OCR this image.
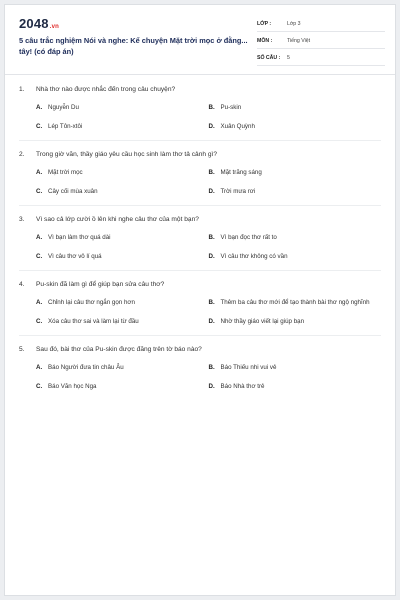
2048.vn
5 câu trắc nghiệm Nói và nghe: Kể chuyện Mặt trời mọc ở đằng... tây! (có đáp án)
LỚP :	Lớp 3
MÔN :	Tiếng Việt
SỐ CÂU :	5
1.	Nhà thơ nào được nhắc đến trong câu chuyện?
A. Nguyễn Du	B. Pu-skin
C. Lép Tôn-xtôi	D. Xuân Quỳnh
2.	Trong giờ văn, thầy giáo yêu cầu học sinh làm thơ tả cảnh gì?
A. Mặt trời mọc	B. Mặt trăng sáng
C. Cây cối mùa xuân	D. Trời mưa rơi
3.	Vì sao cả lớp cười ồ lên khi nghe câu thơ của một bạn?
A. Vì bạn làm thơ quá dài	B. Vì bạn đọc thơ rất to
C. Vì câu thơ vô lí quá	D. Vì câu thơ không có vần
4.	Pu-skin đã làm gì để giúp bạn sửa câu thơ?
A. Chỉnh lại câu thơ ngắn gọn hơn	B. Thêm ba câu thơ mới để tạo thành bài thơ ngộ nghĩnh
C. Xóa câu thơ sai và làm lại từ đầu	D. Nhờ thầy giáo viết lại giúp bạn
5.	Sau đó, bài thơ của Pu-skin được đăng trên tờ báo nào?
A. Báo Người đưa tin châu Âu	B. Báo Thiếu nhi vui vẻ
C. Báo Văn học Nga	D. Báo Nhà thơ trẻ
